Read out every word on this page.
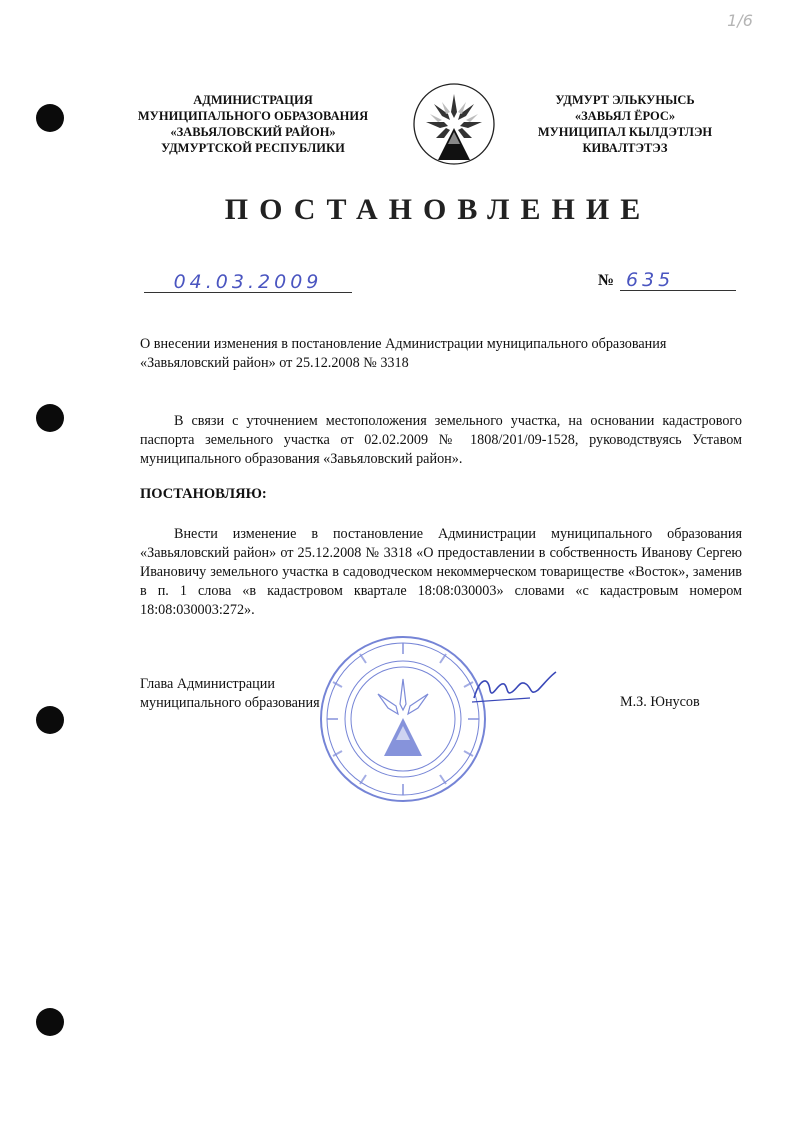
1/6
АДМИНИСТРАЦИЯ
МУНИЦИПАЛЬНОГО ОБРАЗОВАНИЯ
«ЗАВЬЯЛОВСКИЙ РАЙОН»
УДМУРТСКОЙ РЕСПУБЛИКИ
УДМУРТ ЭЛЬКУНЫСЬ
«ЗАВЬЯЛ ЁРОС»
МУНИЦИПАЛ КЫЛДЭТЛЭН
КИВАЛТЭТЭЗ
ПОСТАНОВЛЕНИЕ
04.03.2009	№ 635

О внесении изменения в постановление Администрации муниципального образования «Завьяловский район» от 25.12.2008 № 3318

В связи с уточнением местоположения земельного участка, на основании кадастрового паспорта земельного участка от 02.02.2009 № 1808/201/09-1528, руководствуясь Уставом муниципального образования «Завьяловский район».

ПОСТАНОВЛЯЮ:

Внести изменение в постановление Администрации муниципального образования «Завьяловский район» от 25.12.2008 № 3318 «О предоставлении в собственность Иванову Сергею Ивановичу земельного участка в садоводческом некоммерческом товариществе «Восток», заменив в п. 1 слова «в кадастровом квартале 18:08:030003» словами «с кадастровым номером 18:08:030003:272».

Глава Администрации
муниципального образования	М.З. Юнусов
